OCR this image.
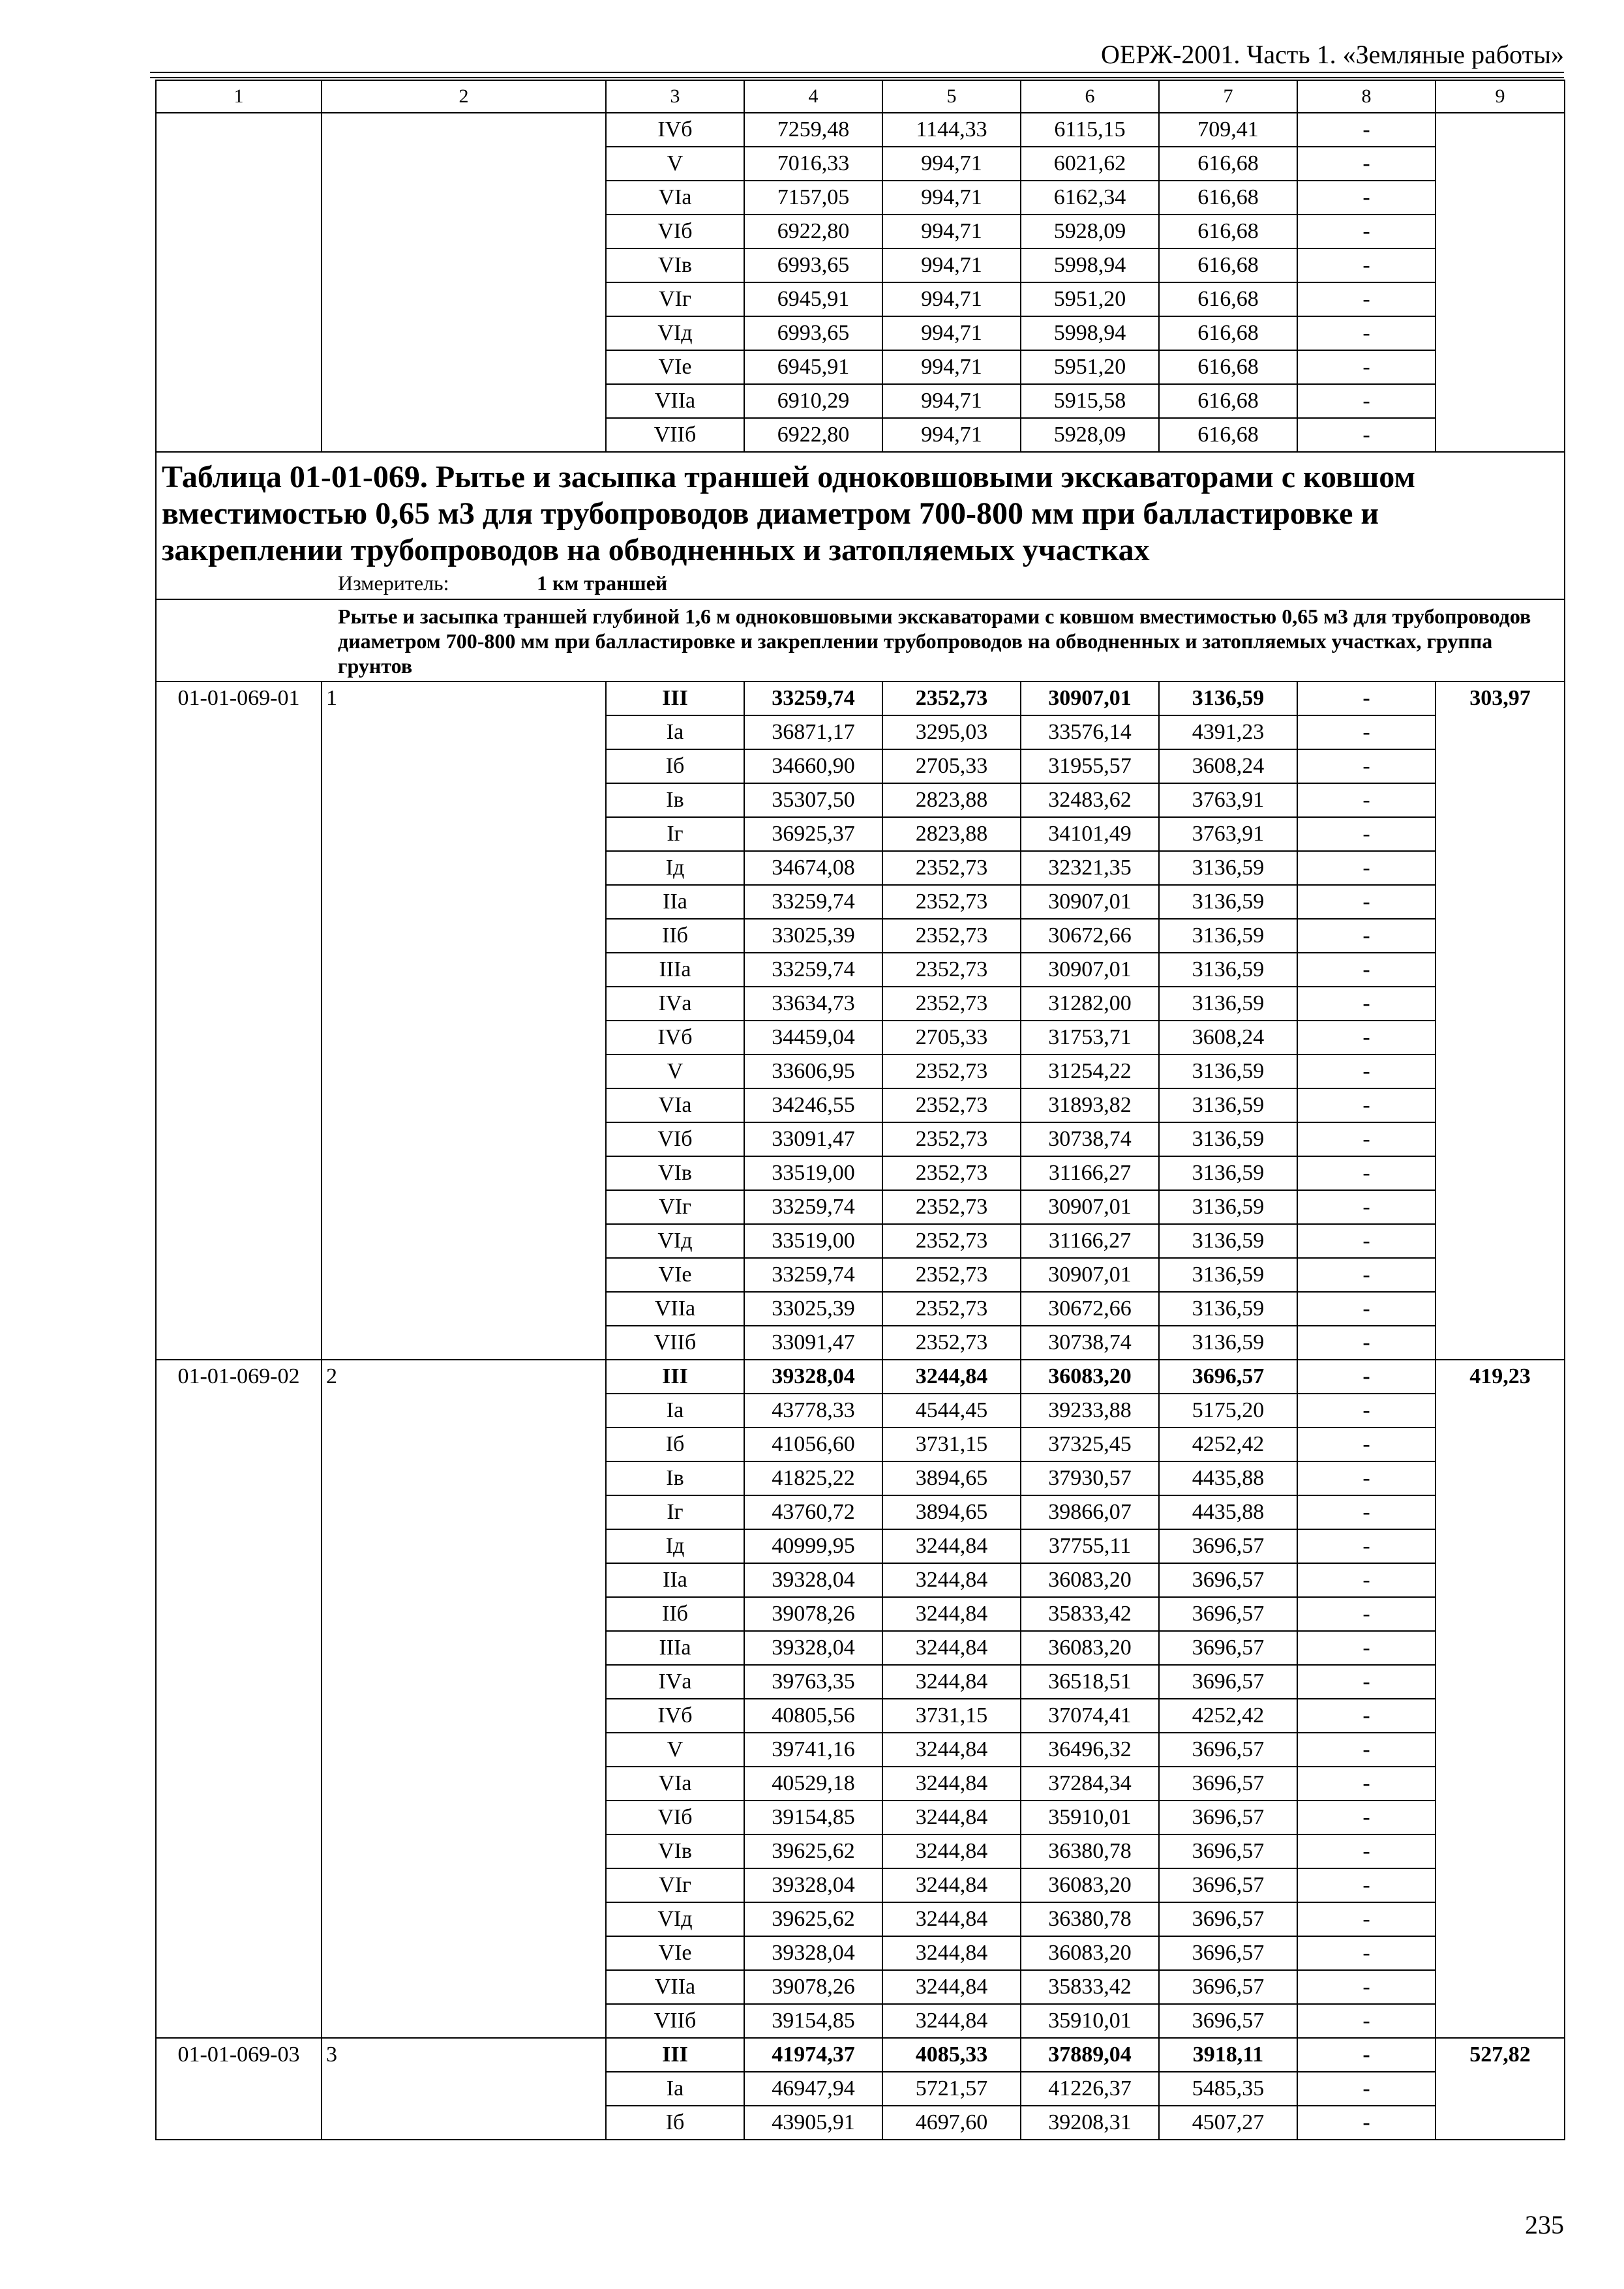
ОЕРЖ-2001. Часть 1. «Земляные работы»
1	2	3	4	5	6	7	8	9
		IVб	7259,48	1144,33	6115,15	709,41	-	
		V	7016,33	994,71	6021,62	616,68	-	
		VIа	7157,05	994,71	6162,34	616,68	-	
		VIб	6922,80	994,71	5928,09	616,68	-	
		VIв	6993,65	994,71	5998,94	616,68	-	
		VIг	6945,91	994,71	5951,20	616,68	-	
		VIд	6993,65	994,71	5998,94	616,68	-	
		VIе	6945,91	994,71	5951,20	616,68	-	
		VIIа	6910,29	994,71	5915,58	616,68	-	
		VIIб	6922,80	994,71	5928,09	616,68	-	

Таблица 01-01-069. Рытье и засыпка траншей одноковшовыми экскаваторами с ковшом вместимостью 0,65 м3 для трубопроводов диаметром 700-800 мм при балластировке и закреплении трубопроводов на обводненных и затопляемых участках
Измеритель: 1 км траншей								

Рытье и засыпка траншей глубиной 1,6 м одноковшовыми экскаваторами с ковшом вместимостью 0,65 м3 для трубопроводов диаметром 700-800 мм при балластировке и закреплении трубопроводов на обводненных и затопляемых участках, группа грунтов								

01-01-069-01	1	III	33259,74	2352,73	30907,01	3136,59	-	303,97
		Iа	36871,17	3295,03	33576,14	4391,23	-	
		Iб	34660,90	2705,33	31955,57	3608,24	-	
		Iв	35307,50	2823,88	32483,62	3763,91	-	
		Iг	36925,37	2823,88	34101,49	3763,91	-	
		Iд	34674,08	2352,73	32321,35	3136,59	-	
		IIа	33259,74	2352,73	30907,01	3136,59	-	
		IIб	33025,39	2352,73	30672,66	3136,59	-	
		IIIа	33259,74	2352,73	30907,01	3136,59	-	
		IVа	33634,73	2352,73	31282,00	3136,59	-	
		IVб	34459,04	2705,33	31753,71	3608,24	-	
		V	33606,95	2352,73	31254,22	3136,59	-	
		VIа	34246,55	2352,73	31893,82	3136,59	-	
		VIб	33091,47	2352,73	30738,74	3136,59	-	
		VIв	33519,00	2352,73	31166,27	3136,59	-	
		VIг	33259,74	2352,73	30907,01	3136,59	-	
		VIд	33519,00	2352,73	31166,27	3136,59	-	
		VIе	33259,74	2352,73	30907,01	3136,59	-	
		VIIа	33025,39	2352,73	30672,66	3136,59	-	
		VIIб	33091,47	2352,73	30738,74	3136,59	-	
01-01-069-02	2	III	39328,04	3244,84	36083,20	3696,57	-	419,23
		Iа	43778,33	4544,45	39233,88	5175,20	-	
		Iб	41056,60	3731,15	37325,45	4252,42	-	
		Iв	41825,22	3894,65	37930,57	4435,88	-	
		Iг	43760,72	3894,65	39866,07	4435,88	-	
		Iд	40999,95	3244,84	37755,11	3696,57	-	
		IIа	39328,04	3244,84	36083,20	3696,57	-	
		IIб	39078,26	3244,84	35833,42	3696,57	-	
		IIIа	39328,04	3244,84	36083,20	3696,57	-	
		IVа	39763,35	3244,84	36518,51	3696,57	-	
		IVб	40805,56	3731,15	37074,41	4252,42	-	
		V	39741,16	3244,84	36496,32	3696,57	-	
		VIа	40529,18	3244,84	37284,34	3696,57	-	
		VIб	39154,85	3244,84	35910,01	3696,57	-	
		VIв	39625,62	3244,84	36380,78	3696,57	-	
		VIг	39328,04	3244,84	36083,20	3696,57	-	
		VIд	39625,62	3244,84	36380,78	3696,57	-	
		VIе	39328,04	3244,84	36083,20	3696,57	-	
		VIIа	39078,26	3244,84	35833,42	3696,57	-	
		VIIб	39154,85	3244,84	35910,01	3696,57	-	
01-01-069-03	3	III	41974,37	4085,33	37889,04	3918,11	-	527,82
		Iа	46947,94	5721,57	41226,37	5485,35	-	
		Iб	43905,91	4697,60	39208,31	4507,27	-	
235
